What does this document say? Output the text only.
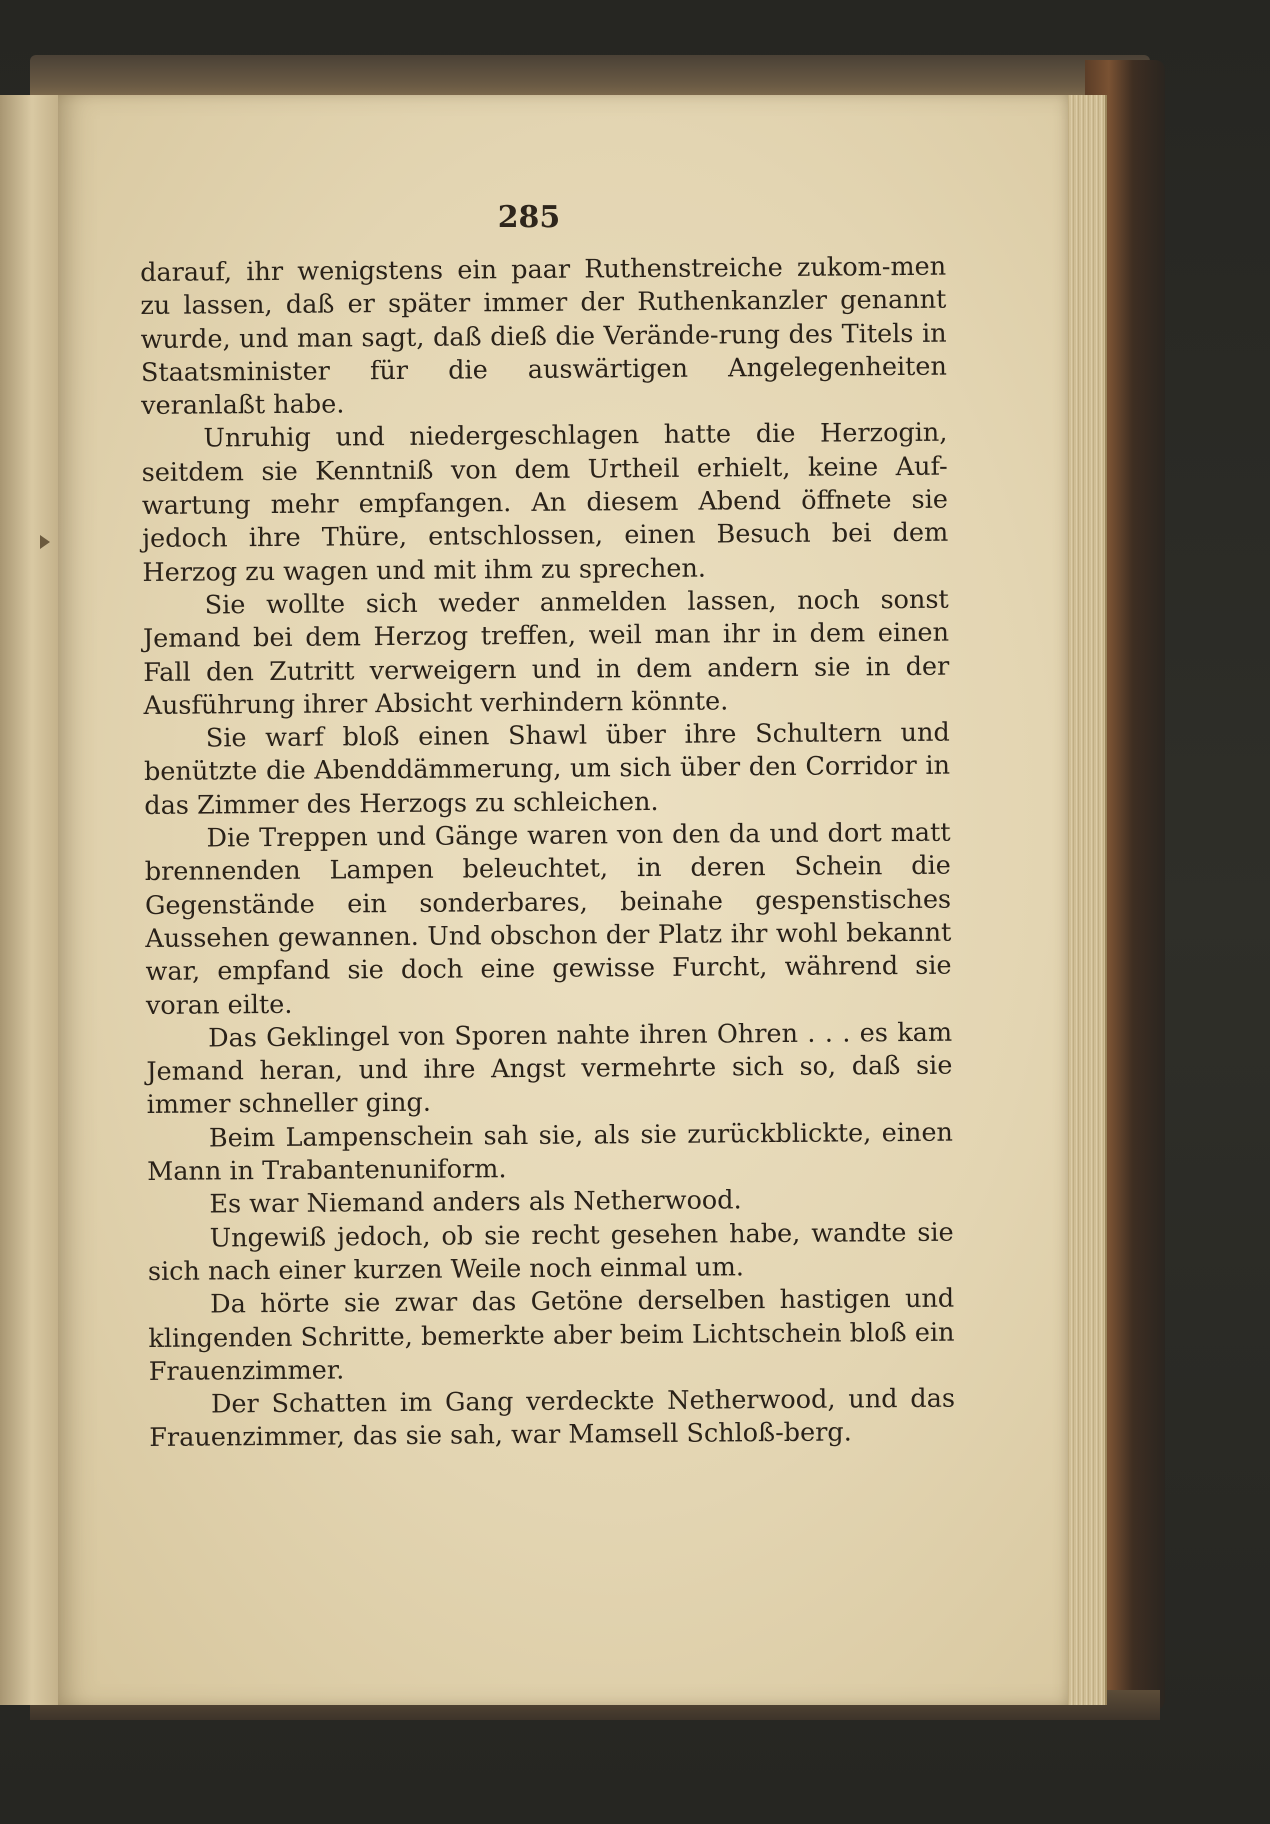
285

darauf, ihr wenigstens ein paar Ruthenstreiche zukom-men zu lassen, daß er später immer der Ruthenkanzler genannt wurde, und man sagt, daß dieß die Verände-rung des Titels in Staatsminister für die auswärtigen Angelegenheiten veranlaßt habe.

Unruhig und niedergeschlagen hatte die Herzogin, seitdem sie Kenntniß von dem Urtheil erhielt, keine Auf-wartung mehr empfangen. An diesem Abend öffnete sie jedoch ihre Thüre, entschlossen, einen Besuch bei dem Herzog zu wagen und mit ihm zu sprechen.

Sie wollte sich weder anmelden lassen, noch sonst Jemand bei dem Herzog treffen, weil man ihr in dem einen Fall den Zutritt verweigern und in dem andern sie in der Ausführung ihrer Absicht verhindern könnte.

Sie warf bloß einen Shawl über ihre Schultern und benützte die Abenddämmerung, um sich über den Corridor in das Zimmer des Herzogs zu schleichen.

Die Treppen und Gänge waren von den da und dort matt brennenden Lampen beleuchtet, in deren Schein die Gegenstände ein sonderbares, beinahe gespenstisches Aussehen gewannen. Und obschon der Platz ihr wohl bekannt war, empfand sie doch eine gewisse Furcht, während sie voran eilte.

Das Geklingel von Sporen nahte ihren Ohren . . . es kam Jemand heran, und ihre Angst vermehrte sich so, daß sie immer schneller ging.

Beim Lampenschein sah sie, als sie zurückblickte, einen Mann in Trabantenuniform.

Es war Niemand anders als Netherwood.

Ungewiß jedoch, ob sie recht gesehen habe, wandte sie sich nach einer kurzen Weile noch einmal um.

Da hörte sie zwar das Getöne derselben hastigen und klingenden Schritte, bemerkte aber beim Lichtschein bloß ein Frauenzimmer.

Der Schatten im Gang verdeckte Netherwood, und das Frauenzimmer, das sie sah, war Mamsell Schloß-berg.
